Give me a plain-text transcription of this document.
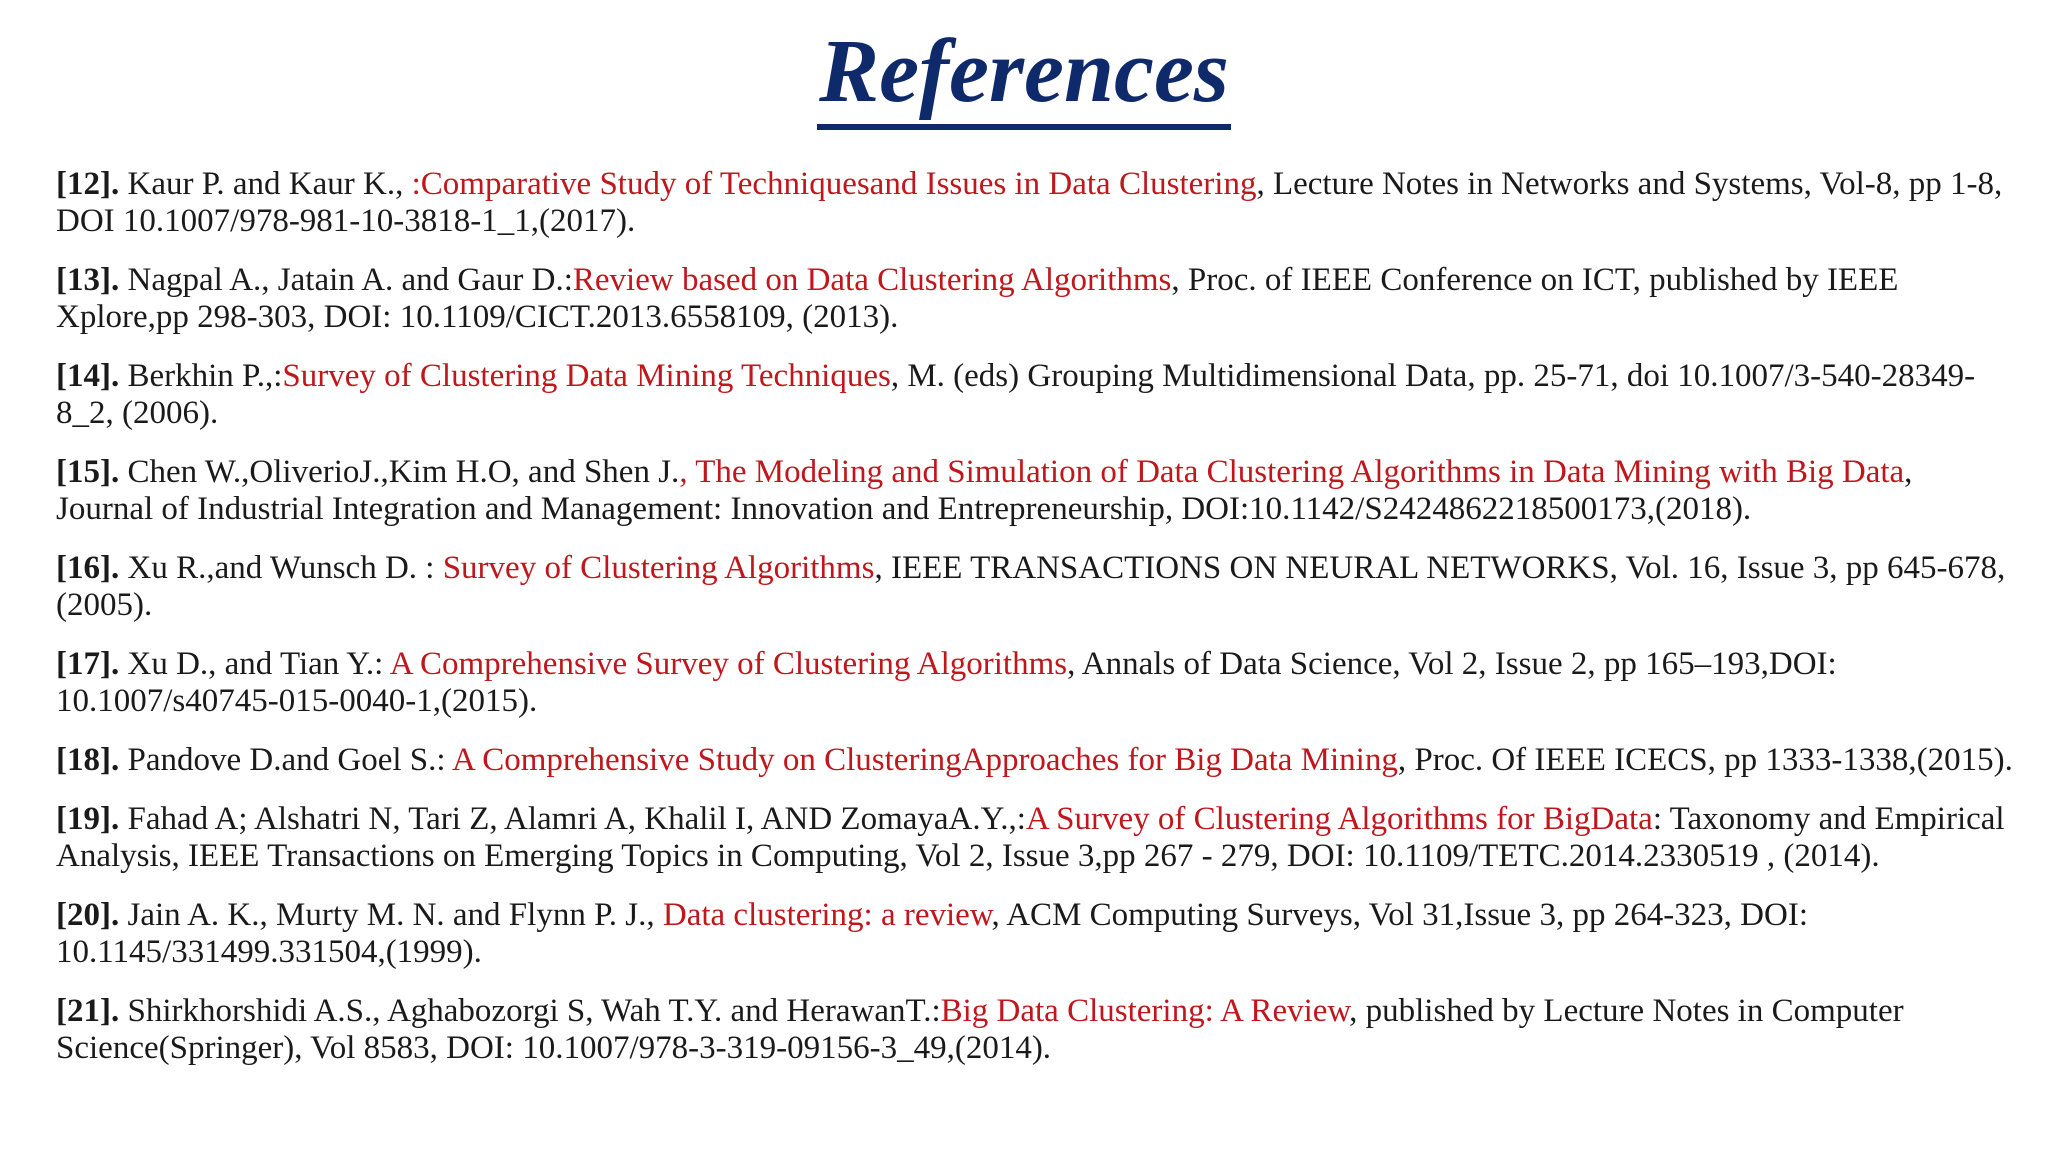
References

[12]. Kaur P. and Kaur K., :Comparative Study of Techniquesand Issues in Data Clustering, Lecture Notes in Networks and Systems, Vol-8, pp 1-8, DOI 10.1007/978-981-10-3818-1_1,(2017).

[13]. Nagpal A., Jatain A. and Gaur D.:Review based on Data Clustering Algorithms, Proc. of IEEE Conference on ICT, published by IEEE Xplore,pp 298-303, DOI: 10.1109/CICT.2013.6558109, (2013).

[14]. Berkhin P.,:Survey of Clustering Data Mining Techniques, M. (eds) Grouping Multidimensional Data, pp. 25-71, doi 10.1007/3-540-28349-8_2, (2006).

[15]. Chen W.,OliverioJ.,Kim H.O, and Shen J., The Modeling and Simulation of Data Clustering Algorithms in Data Mining with Big Data, Journal of Industrial Integration and Management: Innovation and Entrepreneurship, DOI:10.1142/S2424862218500173,(2018).

[16]. Xu R.,and Wunsch D. : Survey of Clustering Algorithms, IEEE TRANSACTIONS ON NEURAL NETWORKS, Vol. 16, Issue 3, pp 645-678, (2005).

[17]. Xu D., and Tian Y.: A Comprehensive Survey of Clustering Algorithms, Annals of Data Science, Vol 2, Issue 2, pp 165–193,DOI: 10.1007/s40745-015-0040-1,(2015).

[18]. Pandove D.and Goel S.: A Comprehensive Study on ClusteringApproaches for Big Data Mining, Proc. Of IEEE ICECS, pp 1333-1338,(2015).

[19]. Fahad A; Alshatri N, Tari Z, Alamri A, Khalil I, AND ZomayaA.Y.,:A Survey of Clustering Algorithms for BigData: Taxonomy and Empirical Analysis, IEEE Transactions on Emerging Topics in Computing, Vol 2, Issue 3,pp 267 - 279, DOI: 10.1109/TETC.2014.2330519 , (2014).

[20]. Jain A. K., Murty M. N. and Flynn P. J., Data clustering: a review, ACM Computing Surveys, Vol 31,Issue 3, pp 264-323, DOI: 10.1145/331499.331504,(1999).

[21]. Shirkhorshidi A.S., Aghabozorgi S, Wah T.Y. and HerawanT.:Big Data Clustering: A Review, published by Lecture Notes in Computer Science(Springer), Vol 8583, DOI: 10.1007/978-3-319-09156-3_49,(2014).
